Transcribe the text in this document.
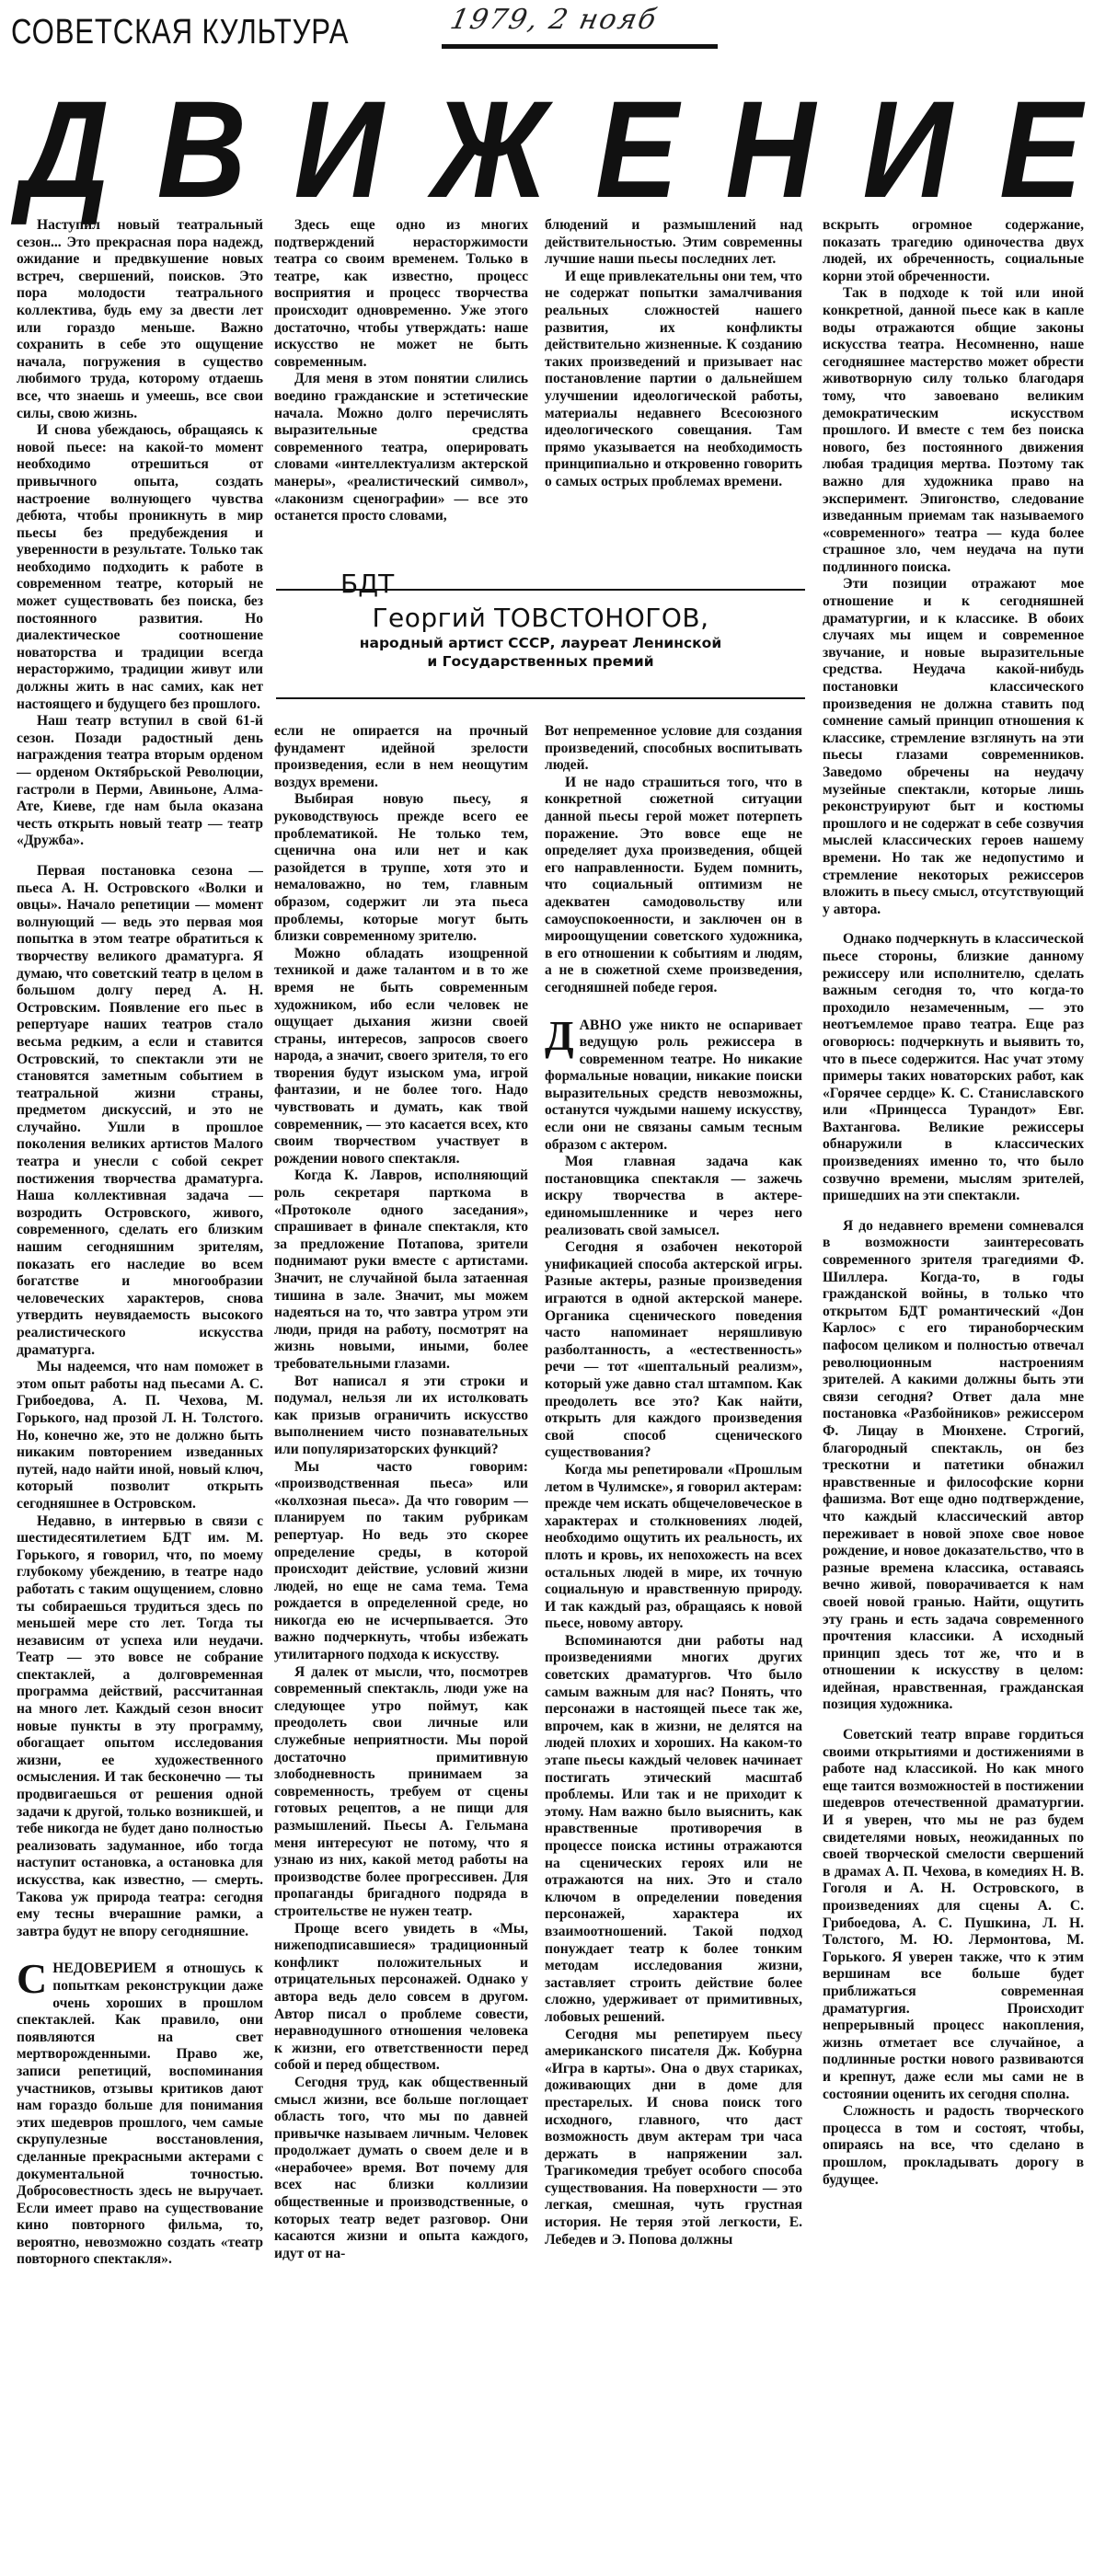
СОВЕТСКАЯ КУЛЬТУРА	1979, 2 нояб
Д В И Ж Е Н И Е

Наступил новый театральный сезон... Это прекрасная пора надежд, ожидание и предвкушение новых встреч, свершений, поисков. Это пора молодости театрального коллектива, будь ему за двести лет или гораздо меньше. Важно сохранить в себе это ощущение начала, погружения в существо любимого труда, которому отдаешь все, что знаешь и умеешь, все свои силы, свою жизнь.

И снова убеждаюсь, обращаясь к новой пьесе: на какой-то момент необходимо отрешиться от привычного опыта, создать настроение волнующего чувства дебюта, чтобы проникнуть в мир пьесы без предубеждения и уверенности в результате. Только так необходимо подходить к работе в современном театре, который не может существовать без поиска, без постоянного развития. Но диалектическое соотношение новаторства и традиции всегда нерасторжимо, традиции живут или должны жить в нас самих, как нет настоящего и будущего без прошлого.

Наш театр вступил в свой 61-й сезон. Позади радостный день награждения театра вторым орденом — орденом Октябрьской Революции, гастроли в Перми, Авиньоне, Алма-Ате, Киеве, где нам была оказана честь открыть новый театр — театр «Дружба».

Первая постановка сезона — пьеса А. Н. Островского «Волки и овцы». Начало репетиции — момент волнующий — ведь это первая моя попытка в этом театре обратиться к творчеству великого драматурга. Я думаю, что советский театр в целом в большом долгу перед А. Н. Островским. Появление его пьес в репертуаре наших театров стало весьма редким, а если и ставится Островский, то спектакли эти не становятся заметным событием в театральной жизни страны, предметом дискуссий, и это не случайно. Ушли в прошлое поколения великих артистов Малого театра и унесли с собой секрет постижения творчества драматурга. Наша коллективная задача — возродить Островского, живого, современного, сделать его близким нашим сегодняшним зрителям, показать его наследие во всем богатстве и многообразии человеческих характеров, снова утвердить неувядаемость высокого реалистического искусства драматурга.

Мы надеемся, что нам поможет в этом опыт работы над пьесами А. С. Грибоедова, А. П. Чехова, М. Горького, над прозой Л. Н. Толстого. Но, конечно же, это не должно быть никаким повторением изведанных путей, надо найти иной, новый ключ, который позволит открыть сегодняшнее в Островском.

Недавно, в интервью в связи с шестидесятилетием БДТ им. М. Горького, я говорил, что, по моему глубокому убеждению, в театре надо работать с таким ощущением, словно ты собираешься трудиться здесь по меньшей мере сто лет. Тогда ты независим от успеха или неудачи. Театр — это вовсе не собрание спектаклей, а долговременная программа действий, рассчитанная на много лет. Каждый сезон вносит новые пункты в эту программу, обогащает опытом исследования жизни, ее художественного осмысления. И так бесконечно — ты продвигаешься от решения одной задачи к другой, только возникшей, и тебе никогда не будет дано полностью реализовать задуманное, ибо тогда наступит остановка, а остановка для искусства, как известно, — смерть. Такова уж природа театра: сегодня ему тесны вчерашние рамки, а завтра будут не впору сегодняшние.

СНЕДОВЕРИЕМ я отношусь к попыткам реконструкции даже очень хороших в прошлом спектаклей. Как правило, они появляются на свет мертворожденными. Право же, записи репетиций, воспоминания участников, отзывы критиков дают нам гораздо больше для понимания этих шедевров прошлого, чем самые скрупулезные восстановления, сделанные прекрасными актерами с документальной точностью. Добросовестность здесь не выручает. Если имеет право на существование кино повторного фильма, то, вероятно, невозможно создать «театр повторного спектакля».

Здесь еще одно из многих подтверждений нерасторжимости театра со своим временем. Только в театре, как известно, процесс восприятия и процесс творчества происходит одновременно. Уже этого достаточно, чтобы утверждать: наше искусство не может не быть современным.

Для меня в этом понятии слились воедино гражданские и эстетические начала. Можно долго перечислять выразительные средства современного театра, оперировать словами «интеллектуализм актерской манеры», «реалистический символ», «лаконизм сценографии» — все это останется просто словами,

блюдений и размышлений над действительностью. Этим современны лучшие наши пьесы последних лет.

И еще привлекательны они тем, что не содержат попытки замалчивания реальных сложностей нашего развития, их конфликты действительно жизненные. К созданию таких произведений и призывает нас постановление партии о дальнейшем улучшении идеологической работы, материалы недавнего Всесоюзного идеологического совещания. Там прямо указывается на необходимость принципиально и откровенно говорить о самых острых проблемах времени.

БДТ
Георгий ТОВСТОНОГОВ,
народный артист СССР, лауреат Ленинской
и Государственных премий

если не опирается на прочный фундамент идейной зрелости произведения, если в нем неощутим воздух времени.

Выбирая новую пьесу, я руководствуюсь прежде всего ее проблематикой. Не только тем, сценична она или нет и как разойдется в труппе, хотя это и немаловажно, но тем, главным образом, содержит ли эта пьеса проблемы, которые могут быть близки современному зрителю.

Можно обладать изощренной техникой и даже талантом и в то же время не быть современным художником, ибо если человек не ощущает дыхания жизни своей страны, интересов, запросов своего народа, а значит, своего зрителя, то его творения будут изыском ума, игрой фантазии, и не более того. Надо чувствовать и думать, как твой современник, — это касается всех, кто своим творчеством участвует в рождении нового спектакля.

Когда К. Лавров, исполняющий роль секретаря парткома в «Протоколе одного заседания», спрашивает в финале спектакля, кто за предложение Потапова, зрители поднимают руки вместе с артистами. Значит, не случайной была затаенная тишина в зале. Значит, мы можем надеяться на то, что завтра утром эти люди, придя на работу, посмотрят на жизнь новыми, иными, более требовательными глазами.

Вот написал я эти строки и подумал, нельзя ли их истолковать как призыв ограничить искусство выполнением чисто познавательных или популяризаторских функций?

Мы часто говорим: «производственная пьеса» или «колхозная пьеса». Да что говорим — планируем по таким рубрикам репертуар. Но ведь это скорее определение среды, в которой происходит действие, условий жизни людей, но еще не сама тема. Тема рождается в определенной среде, но никогда ею не исчерпывается. Это важно подчеркнуть, чтобы избежать утилитарного подхода к искусству.

Я далек от мысли, что, посмотрев современный спектакль, люди уже на следующее утро поймут, как преодолеть свои личные или служебные неприятности. Мы порой достаточно примитивную злободневность принимаем за современность, требуем от сцены готовых рецептов, а не пищи для размышлений. Пьесы А. Гельмана меня интересуют не потому, что я узнаю из них, какой метод работы на производстве более прогрессивен. Для пропаганды бригадного подряда в строительстве не нужен театр.

Проще всего увидеть в «Мы, нижеподписавшиеся» традиционный конфликт положительных и отрицательных персонажей. Однако у автора ведь дело совсем в другом. Автор писал о проблеме совести, неравнодушного отношения человека к жизни, его ответственности перед собой и перед обществом.

Сегодня труд, как общественный смысл жизни, все больше поглощает область того, что мы по давней привычке называем личным. Человек продолжает думать о своем деле и в «нерабочее» время. Вот почему для всех нас близки коллизии общественные и производственные, о которых театр ведет разговор. Они касаются жизни и опыта каждого, идут от на-

Вот непременное условие для создания произведений, способных воспитывать людей.

И не надо страшиться того, что в конкретной сюжетной ситуации данной пьесы герой может потерпеть поражение. Это вовсе еще не определяет духа произведения, общей его направленности. Будем помнить, что социальный оптимизм не адекватен самодовольству или самоуспокоенности, и заключен он в мироощущении советского художника, в его отношении к событиям и людям, а не в сюжетной схеме произведения, сегодняшней победе героя.

ДАВНО уже никто не оспаривает ведущую роль режиссера в современном театре. Но никакие формальные новации, никакие поиски выразительных средств невозможны, останутся чуждыми нашему искусству, если они не связаны самым тесным образом с актером.

Моя главная задача как постановщика спектакля — зажечь искру творчества в актере-единомышленнике и через него реализовать свой замысел.

Сегодня я озабочен некоторой унификацией способа актерской игры. Разные актеры, разные произведения играются в одной актерской манере. Органика сценического поведения часто напоминает неряшливую разболтанность, а «естественность» речи — тот «шептальный реализм», который уже давно стал штампом. Как преодолеть все это? Как найти, открыть для каждого произведения свой способ сценического существования?

Когда мы репетировали «Прошлым летом в Чулимске», я говорил актерам: прежде чем искать общечеловеческое в характерах и столкновениях людей, необходимо ощутить их реальность, их плоть и кровь, их непохожесть на всех остальных людей в мире, их точную социальную и нравственную природу. И так каждый раз, обращаясь к новой пьесе, новому автору.

Вспоминаются дни работы над произведениями многих других советских драматургов. Что было самым важным для нас? Понять, что персонажи в настоящей пьесе так же, впрочем, как в жизни, не делятся на людей плохих и хороших. На каком-то этапе пьесы каждый человек начинает постигать этический масштаб проблемы. Или так и не приходит к этому. Нам важно было выяснить, как нравственные противоречия в процессе поиска истины отражаются на сценических героях или не отражаются на них. Это и стало ключом в определении поведения персонажей, характера их взаимоотношений. Такой подход понуждает театр к более тонким методам исследования жизни, заставляет строить действие более сложно, удерживает от примитивных, лобовых решений.

Сегодня мы репетируем пьесу американского писателя Дж. Кобурна «Игра в карты». Она о двух стариках, доживающих дни в доме для престарелых. И снова поиск того исходного, главного, что даст возможность двум актерам три часа держать в напряжении зал. Трагикомедия требует особого способа существования. На поверхности — это легкая, смешная, чуть грустная история. Не теряя этой легкости, Е. Лебедев и Э. Попова должны

вскрыть огромное содержание, показать трагедию одиночества двух людей, их обреченность, социальные корни этой обреченности.

Так в подходе к той или иной конкретной, данной пьесе как в капле воды отражаются общие законы искусства театра. Несомненно, наше сегодняшнее мастерство может обрести животворную силу только благодаря тому, что завоевано великим демократическим искусством прошлого. И вместе с тем без поиска нового, без постоянного движения любая традиция мертва. Поэтому так важно для художника право на эксперимент. Эпигонство, следование изведанным приемам так называемого «современного» театра — куда более страшное зло, чем неудача на пути подлинного поиска.

Эти позиции отражают мое отношение и к сегодняшней драматургии, и к классике. В обоих случаях мы ищем и современное звучание, и новые выразительные средства. Неудача какой-нибудь постановки классического произведения не должна ставить под сомнение самый принцип отношения к классике, стремление взглянуть на эти пьесы глазами современников. Заведомо обречены на неудачу музейные спектакли, которые лишь реконструируют быт и костюмы прошлого и не содержат в себе созвучия мыслей классических героев нашему времени. Но так же недопустимо и стремление некоторых режиссеров вложить в пьесу смысл, отсутствующий у автора.

Однако подчеркнуть в классической пьесе стороны, близкие данному режиссеру или исполнителю, сделать важным сегодня то, что когда-то проходило незамеченным, — это неотъемлемое право театра. Еще раз оговорюсь: подчеркнуть и выявить то, что в пьесе содержится. Нас учат этому примеры таких новаторских работ, как «Горячее сердце» К. С. Станиславского или «Принцесса Турандот» Евг. Вахтангова. Великие режиссеры обнаружили в классических произведениях именно то, что было созвучно времени, мыслям зрителей, пришедших на эти спектакли.

Я до недавнего времени сомневался в возможности заинтересовать современного зрителя трагедиями Ф. Шиллера. Когда-то, в годы гражданской войны, в только что открытом БДТ романтический «Дон Карлос» с его тираноборческим пафосом целиком и полностью отвечал революционным настроениям зрителей. А какими должны быть эти связи сегодня? Ответ дала мне постановка «Разбойников» режиссером Ф. Лицау в Мюнхене. Строгий, благородный спектакль, он без трескотни и патетики обнажил нравственные и философские корни фашизма. Вот еще одно подтверждение, что каждый классический автор переживает в новой эпохе свое новое рождение, и новое доказательство, что в разные времена классика, оставаясь вечно живой, поворачивается к нам своей новой гранью. Найти, ощутить эту грань и есть задача современного прочтения классики. А исходный принцип здесь тот же, что и в отношении к искусству в целом: идейная, нравственная, гражданская позиция художника.

Советский театр вправе гордиться своими открытиями и достижениями в работе над классикой. Но как много еще таится возможностей в постижении шедевров отечественной драматургии. И я уверен, что мы не раз будем свидетелями новых, неожиданных по своей творческой смелости свершений в драмах А. П. Чехова, в комедиях Н. В. Гоголя и А. Н. Островского, в произведениях для сцены А. С. Грибоедова, А. С. Пушкина, Л. Н. Толстого, М. Ю. Лермонтова, М. Горького. Я уверен также, что к этим вершинам все больше будет приближаться современная драматургия. Происходит непрерывный процесс накопления, жизнь отметает все случайное, а подлинные ростки нового развиваются и крепнут, даже если мы сами не в состоянии оценить их сегодня сполна.

Сложность и радость творческого процесса в том и состоят, чтобы, опираясь на все, что сделано в прошлом, прокладывать дорогу в будущее.
